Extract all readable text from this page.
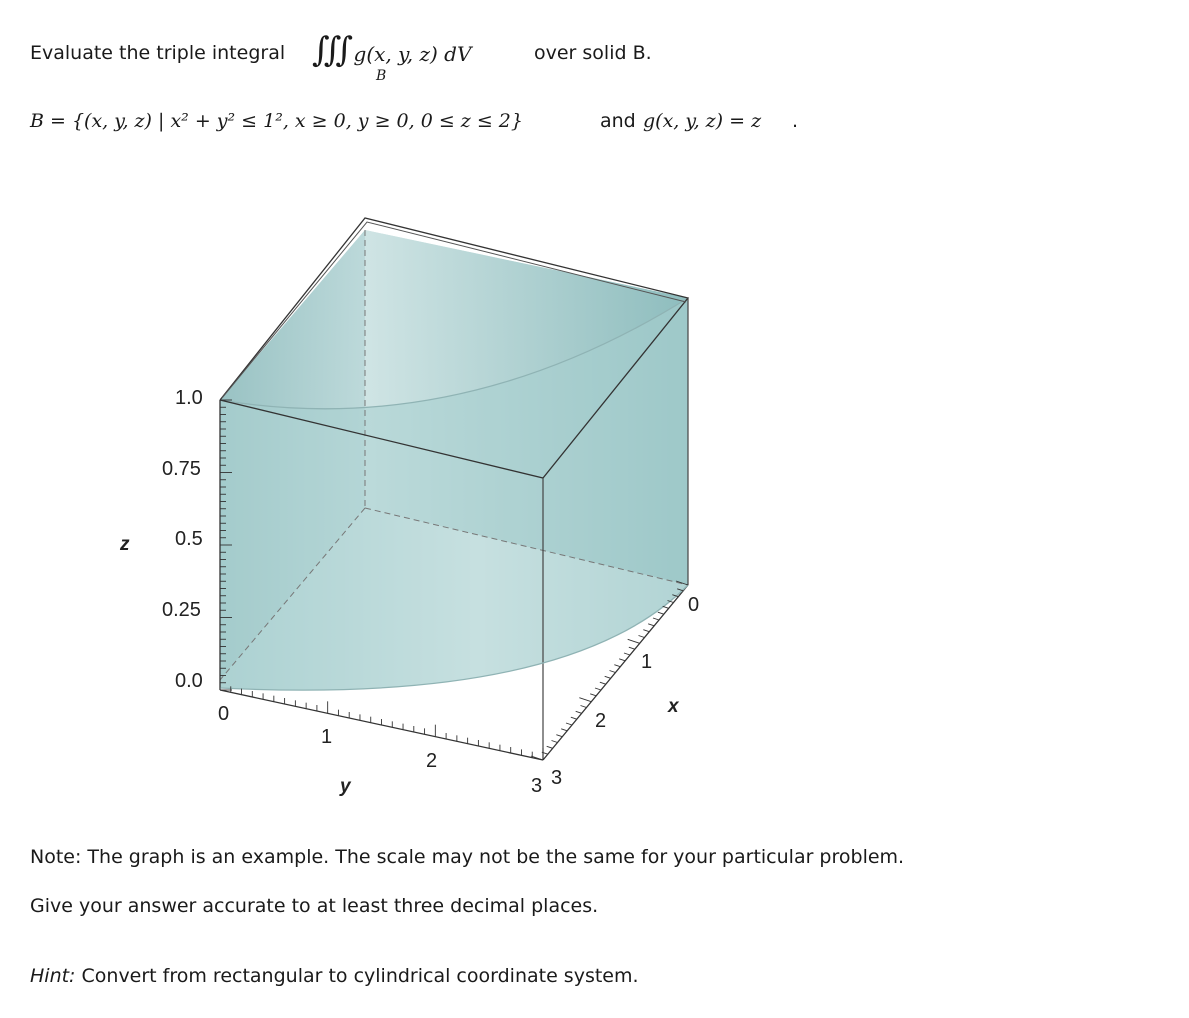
Evaluate the triple integral ∫∫∫ g(x, y, z) dV
B
over solid B.
B = {(x, y, z) | x² + y² ≤ 1², x ≥ 0, y ≥ 0, 0 ≤ z ≤ 2}	and g(x, y, z) = z .
1.0
0.75
0.5
0.25
0.0
z
0
1
2
3
y
0
1
2
3
x
Note: The graph is an example. The scale may not be the same for your particular problem.
Give your answer accurate to at least three decimal places.
Hint: Convert from rectangular to cylindrical coordinate system.
